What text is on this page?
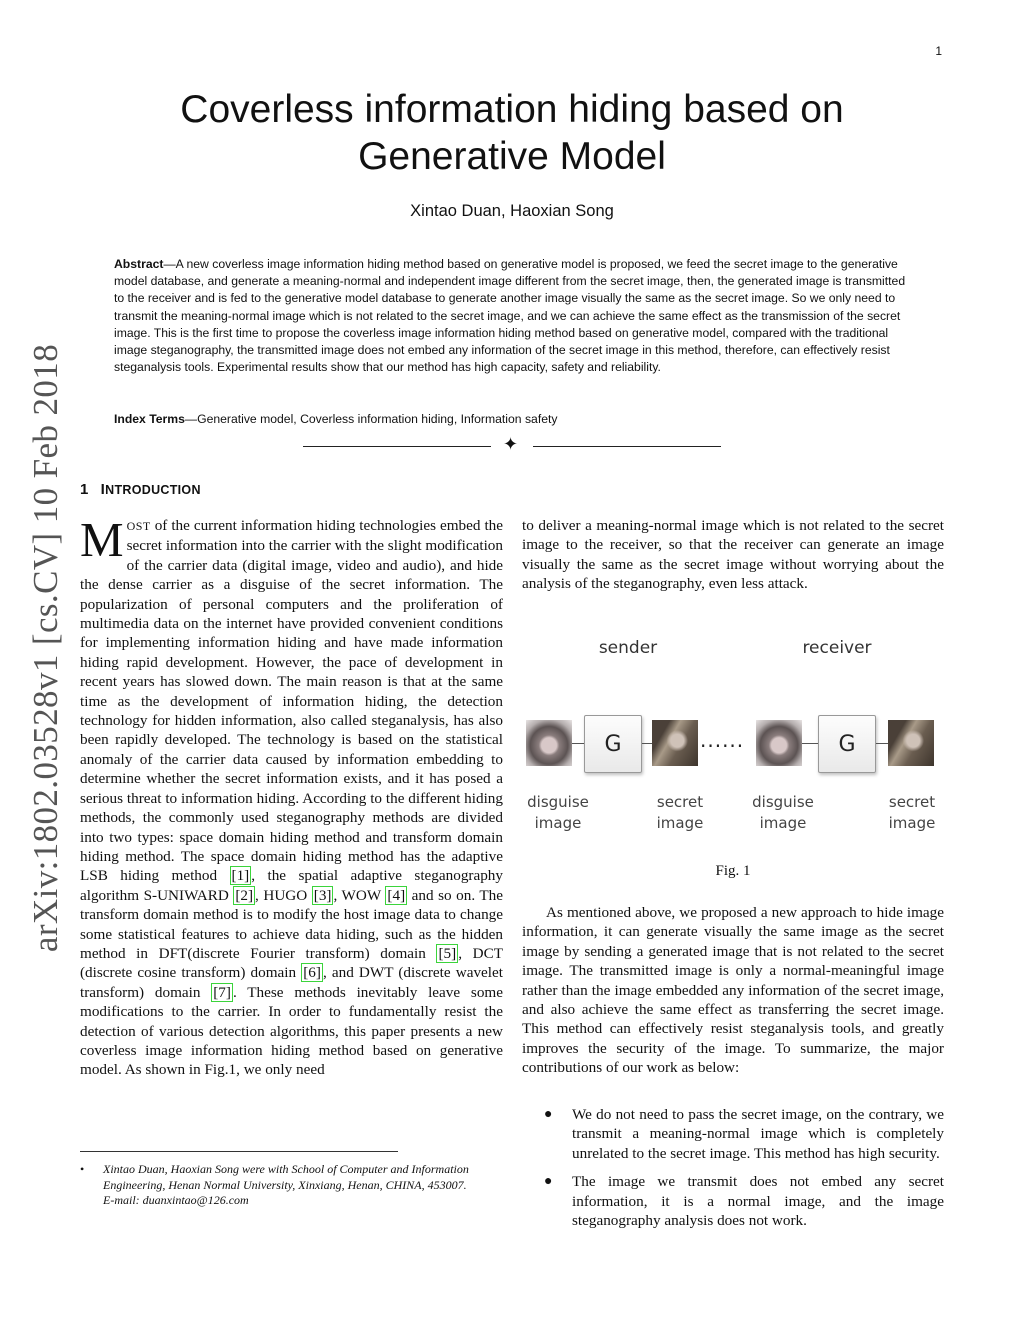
1
arXiv:1802.03528v1 [cs.CV] 10 Feb 2018
Coverless information hiding based on Generative Model
Xintao Duan, Haoxian Song
Abstract—A new coverless image information hiding method based on generative model is proposed, we feed the secret image to the generative model database, and generate a meaning-normal and independent image different from the secret image, then, the generated image is transmitted to the receiver and is fed to the generative model database to generate another image visually the same as the secret image. So we only need to transmit the meaning-normal image which is not related to the secret image, and we can achieve the same effect as the transmission of the secret image. This is the first time to propose the coverless image information hiding method based on generative model, compared with the traditional image steganography, the transmitted image does not embed any information of the secret image in this method, therefore, can effectively resist steganalysis tools. Experimental results show that our method has high capacity, safety and reliability.
Index Terms—Generative model, Coverless information hiding, Information safety
✦
1 INTRODUCTION
MOST of the current information hiding technologies embed the secret information into the carrier with the slight modification of the carrier data (digital image, video and audio), and hide the dense carrier as a disguise of the secret information. The popularization of personal computers and the proliferation of multimedia data on the internet have provided convenient conditions for implementing information hiding and have made information hiding rapid development. However, the pace of development in recent years has slowed down. The main reason is that at the same time as the development of information hiding, the detection technology for hidden information, also called steganalysis, has also been rapidly developed. The technology is based on the statistical anomaly of the carrier data caused by information embedding to determine whether the secret information exists, and it has posed a serious threat to information hiding. According to the different hiding methods, the commonly used steganography methods are divided into two types: space domain hiding method and transform domain hiding method. The space domain hiding method has the adaptive LSB hiding method [1] , the spatial adaptive steganography algorithm S-UNIWARD [2] , HUGO [3] , WOW [4] and so on. The transform domain method is to modify the host image data to change some statistical features to achieve data hiding, such as the hidden method in DFT(discrete Fourier transform) domain [5] , DCT (discrete cosine transform) domain [6] , and DWT (discrete wavelet transform) domain [7] . These methods inevitably leave some modifications to the carrier. In order to fundamentally resist the detection of various detection algorithms, this paper presents a new coverless image information hiding method based on generative model. As shown in Fig.1, we only need
• Xintao Duan, Haoxian Song were with School of Computer and Information Engineering, Henan Normal University, Xinxiang, Henan, CHINA, 453007.
E-mail: duanxintao@126.com
to deliver a meaning-normal image which is not related to the secret image to the receiver, so that the receiver can generate an image visually the same as the secret image without worrying about the analysis of the steganography, even less attack.
sender	receiver
G	......	G
disguise
image
secret
image
disguise
image
secret
image
Fig. 1
As mentioned above, we proposed a new approach to hide image information, it can generate visually the same image as the secret image by sending a generated image that is not related to the secret image. The transmitted image is only a normal-meaningful image rather than the image embedded any information of the secret image, and also achieve the same effect as transferring the secret image. This method can effectively resist steganalysis tools, and greatly improves the security of the image. To summarize, the major contributions of our work as below:
● We do not need to pass the secret image, on the contrary, we transmit a meaning-normal image which is completely unrelated to the secret image. This method has high security.
● The image we transmit does not embed any secret information, it is a normal image, and the image steganography analysis does not work.
